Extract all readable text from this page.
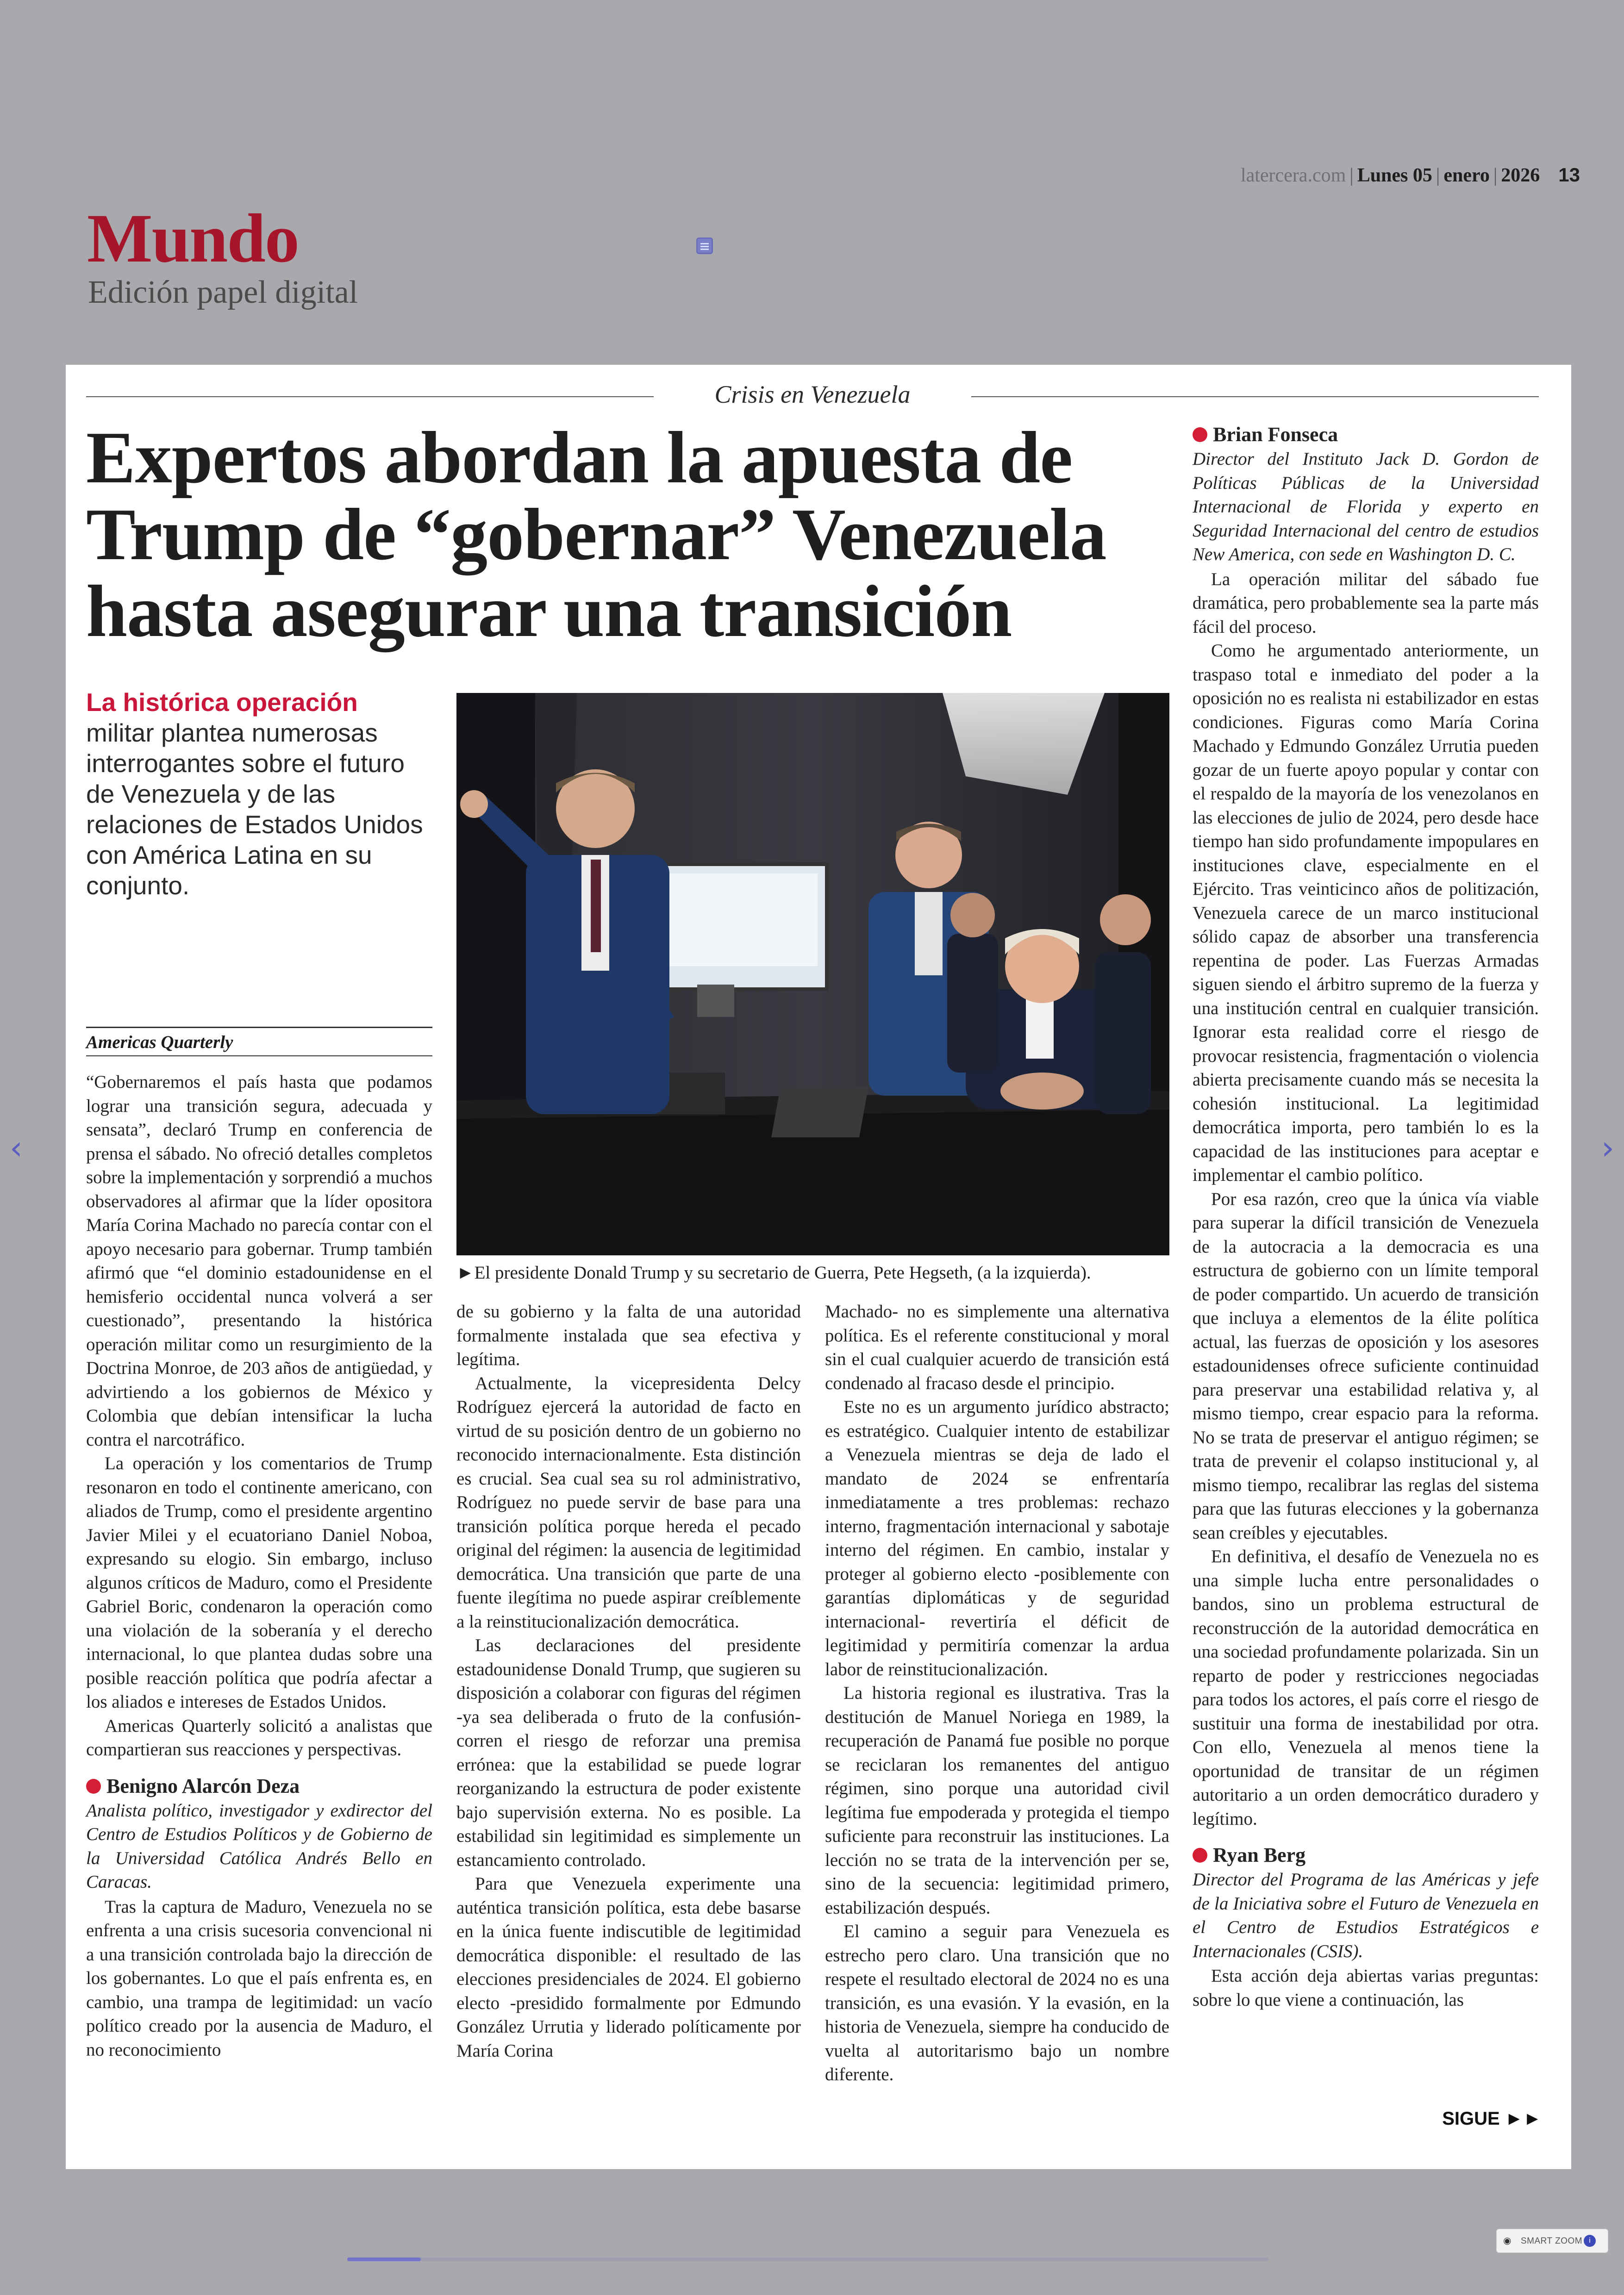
Mundo
Edición papel digital
latercera.com | Lunes 05 | enero | 2026 13
Crisis en Venezuela
Expertos abordan la apuesta de
Trump de “gobernar” Venezuela
hasta asegurar una transición
La histórica operación
militar plantea numerosas interrogantes sobre el futuro de Venezuela y de las relaciones de Estados Unidos con América Latina en su conjunto.
►El presidente Donald Trump y su secretario de Guerra, Pete Hegseth, (a la izquierda).
Americas Quarterly

“Gobernaremos el país hasta que podamos lograr una transición segura, adecuada y sensata”, declaró Trump en conferencia de prensa el sábado. No ofreció detalles completos sobre la implementación y sorprendió a muchos observadores al afirmar que la líder opositora María Corina Machado no parecía contar con el apoyo necesario para gobernar. Trump también afirmó que “el dominio estadounidense en el hemisferio occidental nunca volverá a ser cuestionado”, presentando la histórica operación militar como un resurgimiento de la Doctrina Monroe, de 203 años de antigüedad, y advirtiendo a los gobiernos de México y Colombia que debían intensificar la lucha contra el narcotráfico.

La operación y los comentarios de Trump resonaron en todo el continente americano, con aliados de Trump, como el presidente argentino Javier Milei y el ecuatoriano Daniel Noboa, expresando su elogio. Sin embargo, incluso algunos críticos de Maduro, como el Presidente Gabriel Boric, condenaron la operación como una violación de la soberanía y el derecho internacional, lo que plantea dudas sobre una posible reacción política que podría afectar a los aliados e intereses de Estados Unidos.

Americas Quarterly solicitó a analistas que compartieran sus reacciones y perspectivas.

Benigno Alarcón Deza

Analista político, investigador y exdirector del Centro de Estudios Políticos y de Gobierno de la Universidad Católica Andrés Bello en Caracas.

Tras la captura de Maduro, Venezuela no se enfrenta a una crisis sucesoria convencional ni a una transición controlada bajo la dirección de los gobernantes. Lo que el país enfrenta es, en cambio, una trampa de legitimidad: un vacío político creado por la ausencia de Maduro, el no reconocimiento

de su gobierno y la falta de una autoridad formalmente instalada que sea efectiva y legítima.

Actualmente, la vicepresidenta Delcy Rodríguez ejercerá la autoridad de facto en virtud de su posición dentro de un gobierno no reconocido internacionalmente. Esta distinción es crucial. Sea cual sea su rol administrativo, Rodríguez no puede servir de base para una transición política porque hereda el pecado original del régimen: la ausencia de legitimidad democrática. Una transición que parte de una fuente ilegítima no puede aspirar creíblemente a la reinstitucionalización democrática.

Las declaraciones del presidente estadounidense Donald Trump, que sugieren su disposición a colaborar con figuras del régimen -ya sea deliberada o fruto de la confusión- corren el riesgo de reforzar una premisa errónea: que la estabilidad se puede lograr reorganizando la estructura de poder existente bajo supervisión externa. No es posible. La estabilidad sin legitimidad es simplemente un estancamiento controlado.

Para que Venezuela experimente una auténtica transición política, esta debe basarse en la única fuente indiscutible de legitimidad democrática disponible: el resultado de las elecciones presidenciales de 2024. El gobierno electo -presidido formalmente por Edmundo González Urrutia y liderado políticamente por María Corina

Machado- no es simplemente una alternativa política. Es el referente constitucional y moral sin el cual cualquier acuerdo de transición está condenado al fracaso desde el principio.

Este no es un argumento jurídico abstracto; es estratégico. Cualquier intento de estabilizar a Venezuela mientras se deja de lado el mandato de 2024 se enfrentaría inmediatamente a tres problemas: rechazo interno, fragmentación internacional y sabotaje interno del régimen. En cambio, instalar y proteger al gobierno electo -posiblemente con garantías diplomáticas y de seguridad internacional- revertiría el déficit de legitimidad y permitiría comenzar la ardua labor de reinstitucionalización.

La historia regional es ilustrativa. Tras la destitución de Manuel Noriega en 1989, la recuperación de Panamá fue posible no porque se reciclaran los remanentes del antiguo régimen, sino porque una autoridad civil legítima fue empoderada y protegida el tiempo suficiente para reconstruir las instituciones. La lección no se trata de la intervención per se, sino de la secuencia: legitimidad primero, estabilización después.

El camino a seguir para Venezuela es estrecho pero claro. Una transición que no respete el resultado electoral de 2024 no es una transición, es una evasión. Y la evasión, en la historia de Venezuela, siempre ha conducido de vuelta al autoritarismo bajo un nombre diferente.

Brian Fonseca

Director del Instituto Jack D. Gordon de Políticas Públicas de la Universidad Internacional de Florida y experto en Seguridad Internacional del centro de estudios New America, con sede en Washington D. C.

La operación militar del sábado fue dramática, pero probablemente sea la parte más fácil del proceso.

Como he argumentado anteriormente, un traspaso total e inmediato del poder a la oposición no es realista ni estabilizador en estas condiciones. Figuras como María Corina Machado y Edmundo González Urrutia pueden gozar de un fuerte apoyo popular y contar con el respaldo de la mayoría de los venezolanos en las elecciones de julio de 2024, pero desde hace tiempo han sido profundamente impopulares en instituciones clave, especialmente en el Ejército. Tras veinticinco años de politización, Venezuela carece de un marco institucional sólido capaz de absorber una transferencia repentina de poder. Las Fuerzas Armadas siguen siendo el árbitro supremo de la fuerza y una institución central en cualquier transición. Ignorar esta realidad corre el riesgo de provocar resistencia, fragmentación o violencia abierta precisamente cuando más se necesita la cohesión institucional. La legitimidad democrática importa, pero también lo es la capacidad de las instituciones para aceptar e implementar el cambio político.

Por esa razón, creo que la única vía viable para superar la difícil transición de Venezuela de la autocracia a la democracia es una estructura de gobierno con un límite temporal de poder compartido. Un acuerdo de transición que incluya a elementos de la élite política actual, las fuerzas de oposición y los asesores estadounidenses ofrece suficiente continuidad para preservar una estabilidad relativa y, al mismo tiempo, crear espacio para la reforma. No se trata de preservar el antiguo régimen; se trata de prevenir el colapso institucional y, al mismo tiempo, recalibrar las reglas del sistema para que las futuras elecciones y la gobernanza sean creíbles y ejecutables.

En definitiva, el desafío de Venezuela no es una simple lucha entre personalidades o bandos, sino un problema estructural de reconstrucción de la autoridad democrática en una sociedad profundamente polarizada. Sin un reparto de poder y restricciones negociadas para todos los actores, el país corre el riesgo de sustituir una forma de inestabilidad por otra. Con ello, Venezuela al menos tiene la oportunidad de transitar de un régimen autoritario a un orden democrático duradero y legítimo.

Ryan Berg

Director del Programa de las Américas y jefe de la Iniciativa sobre el Futuro de Venezuela en el Centro de Estudios Estratégicos e Internacionales (CSIS).

Esta acción deja abiertas varias preguntas: sobre lo que viene a continuación, las

SIGUE ►►
‹	›
◉ SMART ZOOM i
